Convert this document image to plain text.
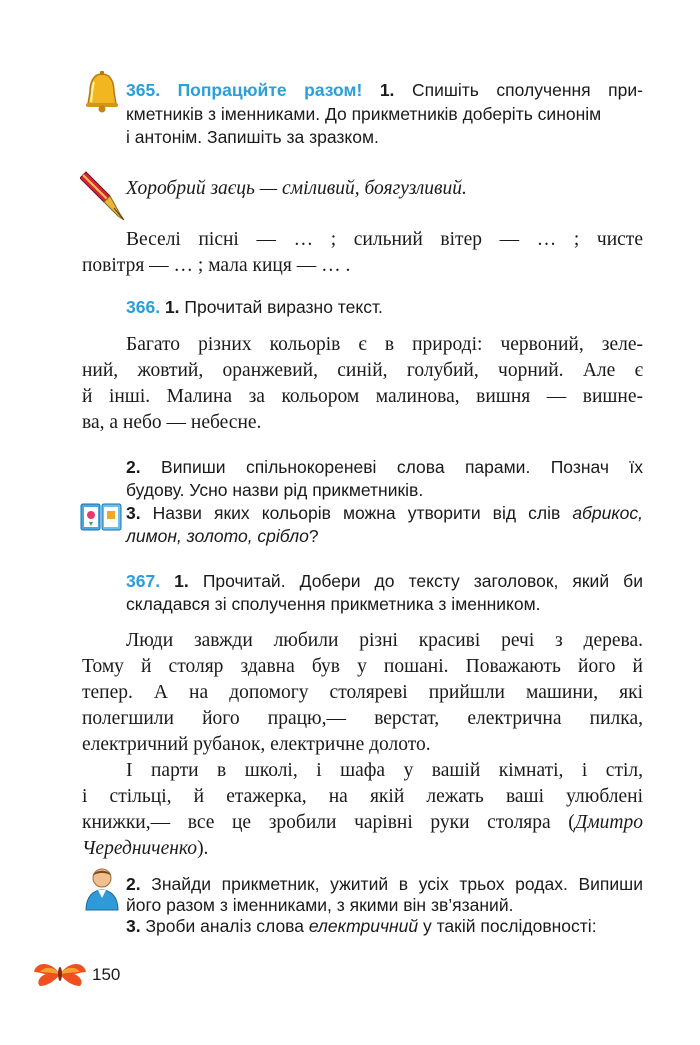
365. Попрацюйте разом! 1. Спишіть сполучення при-
кметників з іменниками. До прикметників доберіть синонім
і антонім. Запишіть за зразком.
Хоробрий заєць — сміливий, боягузливий.
Веселі пісні — … ; сильний вітер — … ; чисте
повітря — … ; мала киця — … .
366. 1. Прочитай виразно текст.
Багато різних кольорів є в природі: червоний, зеле-
ний, жовтий, оранжевий, синій, голубий, чорний. Але є
й інші. Малина за кольором малинова, вишня — вишне-
ва, а небо — небесне.
2. Випиши спільнокореневі слова парами. Познач їх
будову. Усно назви рід прикметників.
3. Назви яких кольорів можна утворити від слів абрикос,
лимон, золото, срібло?
367. 1. Прочитай. Добери до тексту заголовок, який би
складався зі сполучення прикметника з іменником.
Люди завжди любили різні красиві речі з дерева.
Тому й столяр здавна був у пошані. Поважають його й
тепер. А на допомогу столяреві прийшли машини, які
полегшили його працю,— верстат, електрична пилка,
електричний рубанок, електричне долото.
І парти в школі, і шафа у вашій кімнаті, і стіл,
і стільці, й етажерка, на якій лежать ваші улюблені
книжки,— все це зробили чарівні руки столяра (Дмитро
Чередниченко).
2. Знайди прикметник, ужитий в усіх трьох родах. Випиши
його разом з іменниками, з якими він зв’язаний.
3. Зроби аналіз слова електричний у такій послідовності:
150
